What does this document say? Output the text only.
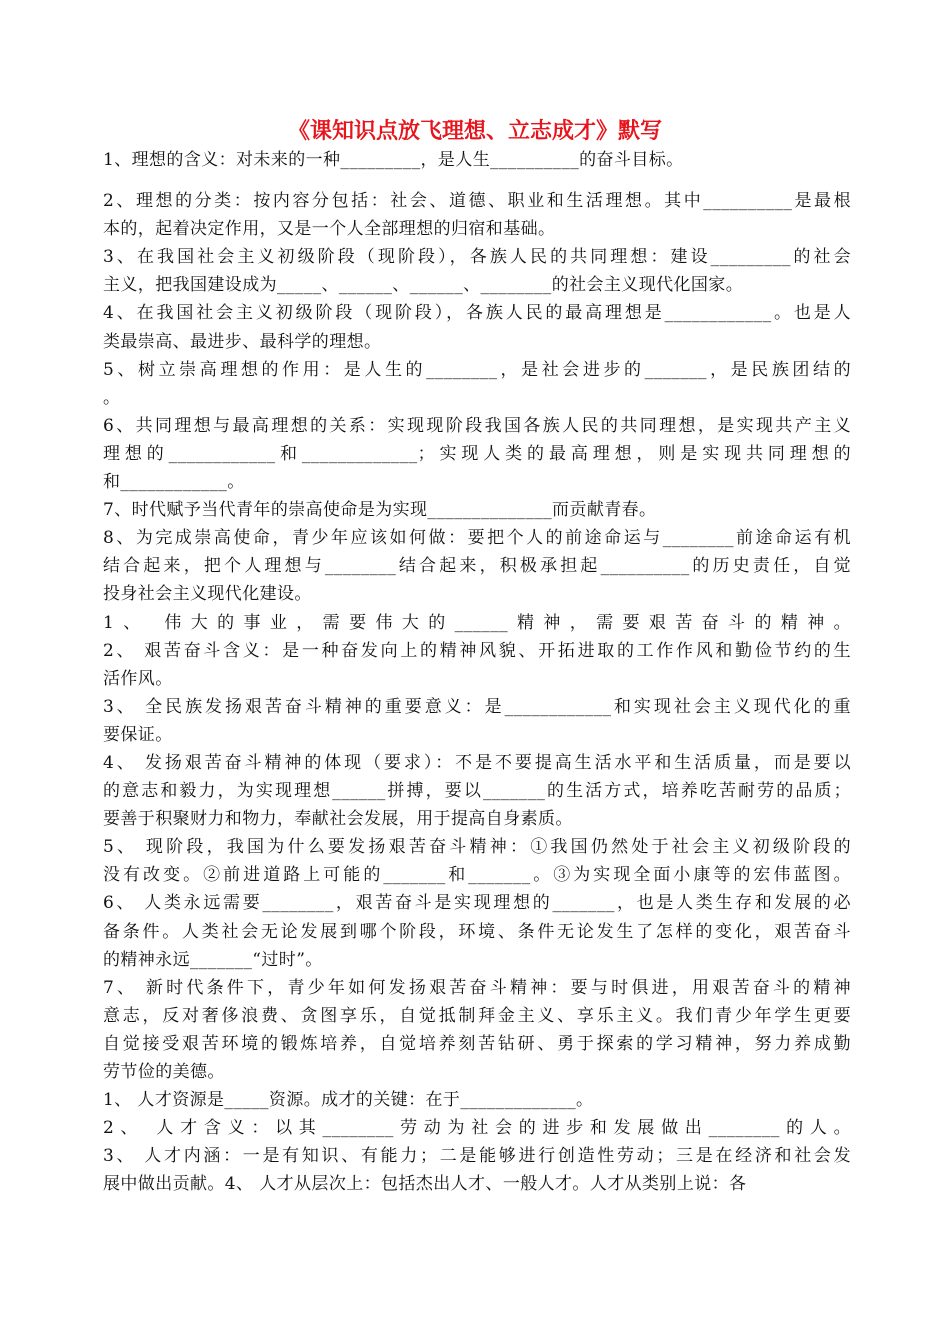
《课知识点放飞理想、立志成才》默写
1、理想的含义：对未来的一种_________，是人生__________的奋斗目标。
2、理想的分类：按内容分包括：社会、道德、职业和生活理想。其中__________是最根
本的，起着决定作用，又是一个人全部理想的归宿和基础。
3、在我国社会主义初级阶段（现阶段），各族人民的共同理想：建设_________的社会
主义，把我国建设成为_____、______、______、________的社会主义现代化国家。
4、在我国社会主义初级阶段（现阶段），各族人民的最高理想是____________。也是人
类最崇高、最进步、最科学的理想。
5、树立崇高理想的作用：是人生的________，是社会进步的_______，是民族团结的
。
6、共同理想与最高理想的关系：实现现阶段我国各族人民的共同理想，是实现共产主义
理想的____________和_____________；实现人类的最高理想，则是实现共同理想的
和____________。
7、时代赋予当代青年的崇高使命是为实现______________而贡献青春。
8、为完成崇高使命，青少年应该如何做：要把个人的前途命运与________前途命运有机
结合起来，把个人理想与________结合起来，积极承担起__________的历史责任，自觉
投身社会主义现代化建设。
1、 伟大的事业，需要伟大的______精神，需要艰苦奋斗的精神。
2、 艰苦奋斗含义：是一种奋发向上的精神风貌、开拓进取的工作作风和勤俭节约的生
活作风。
3、 全民族发扬艰苦奋斗精神的重要意义：是____________和实现社会主义现代化的重
要保证。
4、 发扬艰苦奋斗精神的体现（要求）：不是不要提高生活水平和生活质量，而是要以
的意志和毅力，为实现理想______拼搏，要以_______的生活方式，培养吃苦耐劳的品质；
要善于积聚财力和物力，奉献社会发展，用于提高自身素质。
5、 现阶段，我国为什么要发扬艰苦奋斗精神：①我国仍然处于社会主义初级阶段的
没有改变。②前进道路上可能的_______和_______。③为实现全面小康等的宏伟蓝图。
6、 人类永远需要________，艰苦奋斗是实现理想的_______，也是人类生存和发展的必
备条件。人类社会无论发展到哪个阶段，环境、条件无论发生了怎样的变化，艰苦奋斗
的精神永远_______“过时”。
7、 新时代条件下，青少年如何发扬艰苦奋斗精神：要与时俱进，用艰苦奋斗的精神
意志，反对奢侈浪费、贪图享乐，自觉抵制拜金主义、享乐主义。我们青少年学生更要
自觉接受艰苦环境的锻炼培养，自觉培养刻苦钻研、勇于探索的学习精神，努力养成勤
劳节俭的美德。
1、 人才资源是_____资源。成才的关键：在于_____________。
2、 人才含义：以其________劳动为社会的进步和发展做出________的人。
3、 人才内涵：一是有知识、有能力；二是能够进行创造性劳动；三是在经济和社会发
展中做出贡献。4、 人才从层次上：包括杰出人才、一般人才。人才从类别上说：各
